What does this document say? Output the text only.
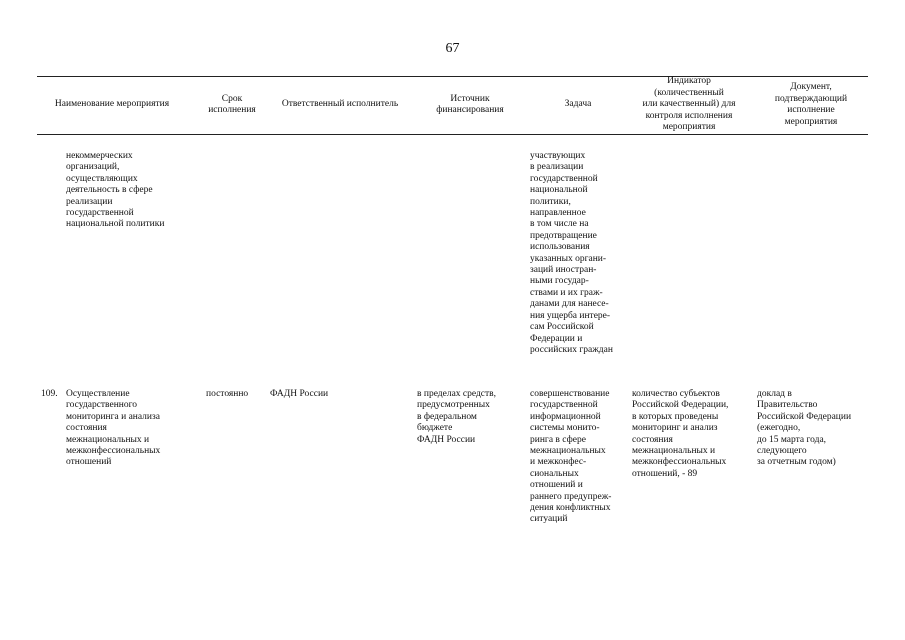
67
Наименование мероприятия
Срок
исполнения
Ответственный исполнитель
Источник
финансирования
Задача
Индикатор
(количественный
или качественный) для
контроля исполнения
мероприятия
Документ,
подтверждающий
исполнение
мероприятия
некоммерческих
организаций,
осуществляющих
деятельность в сфере
реализации
государственной
национальной политики
участвующих
в реализации
государственной
национальной
политики,
направленное
в том числе на
предотвращение
использования
указанных органи-
заций иностран-
ными государ-
ствами и их граж-
данами для нанесе-
ния ущерба интере-
сам Российской
Федерации и
российских граждан
109. Осуществление
государственного
мониторинга и анализа
состояния
межнациональных и
межконфессиональных
отношений
постоянно	ФАДН России	в пределах средств,
предусмотренных
в федеральном
бюджете
ФАДН России
совершенствование
государственной
информационной
системы монито-
ринга в сфере
межнациональных
и межконфес-
сиональных
отношений и
раннего предупреж-
дения конфликтных
ситуаций
количество субъектов
Российской Федерации,
в которых проведены
мониторинг и анализ
состояния
межнациональных и
межконфессиональных
отношений, - 89
доклад в
Правительство
Российской Федерации
(ежегодно,
до 15 марта года,
следующего
за отчетным годом)
